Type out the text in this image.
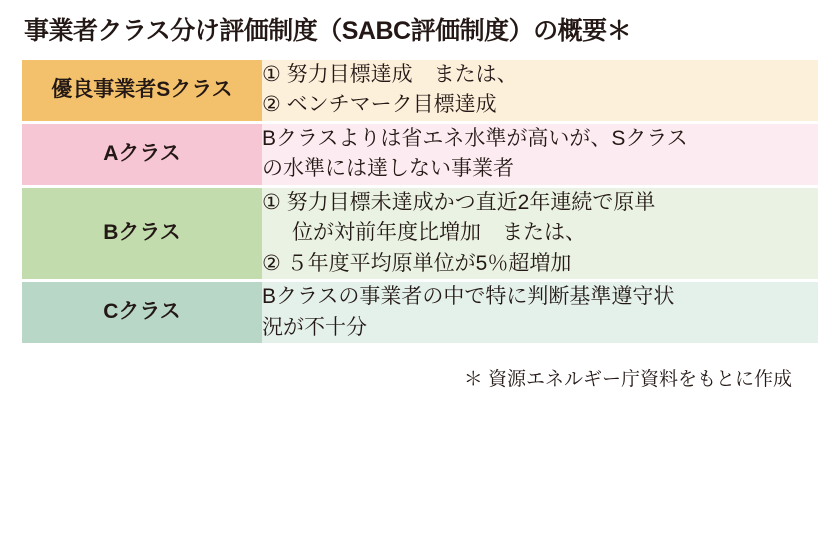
事業者クラス分け評価制度（SABC評価制度）の概要＊
優良事業者Sクラス	① 努力目標達成　または、
② ベンチマーク目標達成

Aクラス	Bクラスよりは省エネ水準が高いが、Sクラス
の水準には達しない事業者

Bクラス	① 努力目標未達成かつ直近2年連続で原単
位が対前年度比増加　または、
② ５年度平均原単位が5％超増加

Cクラス	Bクラスの事業者の中で特に判断基準遵守状
況が不十分
＊ 資源エネルギー庁資料をもとに作成
